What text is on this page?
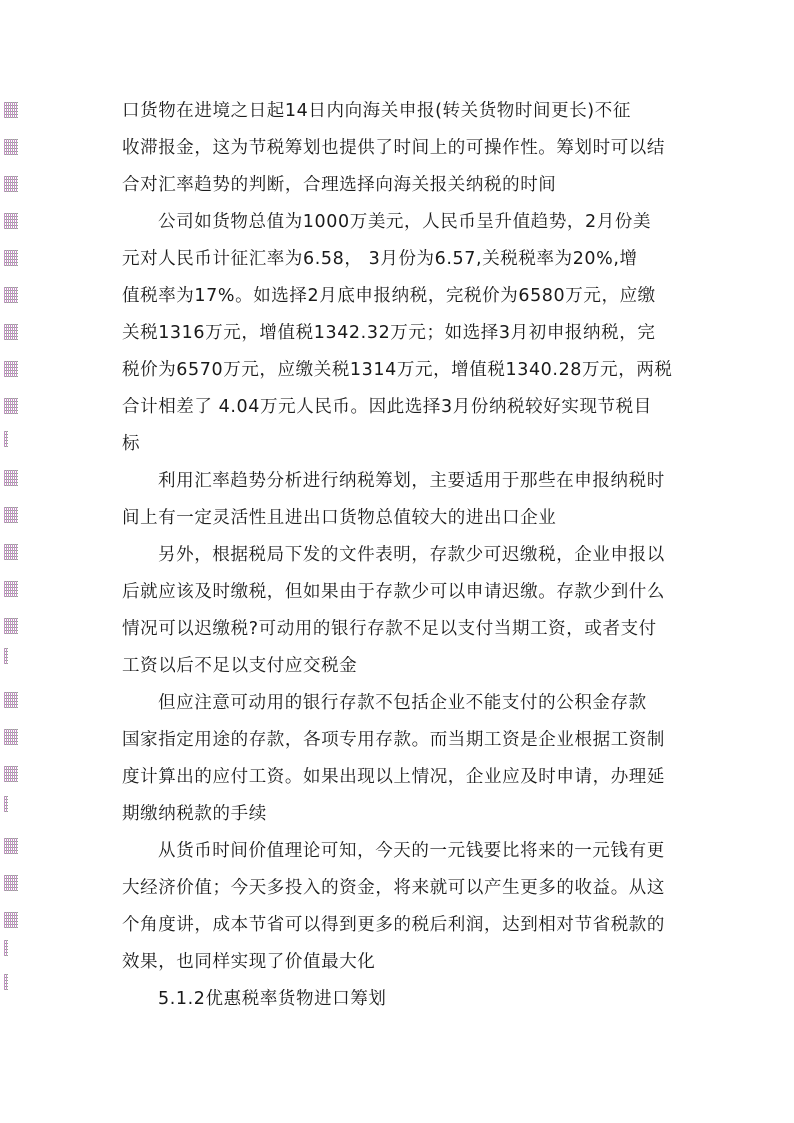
口货物在进境之日起14日内向海关申报(转关货物时间更长)不征
收滞报金，这为节税筹划也提供了时间上的可操作性。筹划时可以结
合对汇率趋势的判断，合理选择向海关报关纳税的时间
公司如货物总值为1000万美元，人民币呈升值趋势，2月份美
元对人民币计征汇率为6.58， 3月份为6.57,关税税率为20%,增
值税率为17%。如选择2月底申报纳税，完税价为6580万元，应缴
关税1316万元，增值税1342.32万元；如选择3月初申报纳税，完
税价为6570万元，应缴关税1314万元，增值税1340.28万元，两税
合计相差了 4.04万元人民币。因此选择3月份纳税较好实现节税目
标
利用汇率趋势分析进行纳税筹划，主要适用于那些在申报纳税时
间上有一定灵活性且进出口货物总值较大的进出口企业
另外，根据税局下发的文件表明，存款少可迟缴税，企业申报以
后就应该及时缴税，但如果由于存款少可以申请迟缴。存款少到什么
情况可以迟缴税?可动用的银行存款不足以支付当期工资，或者支付
工资以后不足以支付应交税金
但应注意可动用的银行存款不包括企业不能支付的公积金存款
国家指定用途的存款，各项专用存款。而当期工资是企业根据工资制
度计算出的应付工资。如果出现以上情况，企业应及时申请，办理延
期缴纳税款的手续
从货币时间价值理论可知，今天的一元钱要比将来的一元钱有更
大经济价值；今天多投入的资金，将来就可以产生更多的收益。从这
个角度讲，成本节省可以得到更多的税后利润，达到相对节省税款的
效果，也同样实现了价值最大化
5.1.2优惠税率货物进口筹划
